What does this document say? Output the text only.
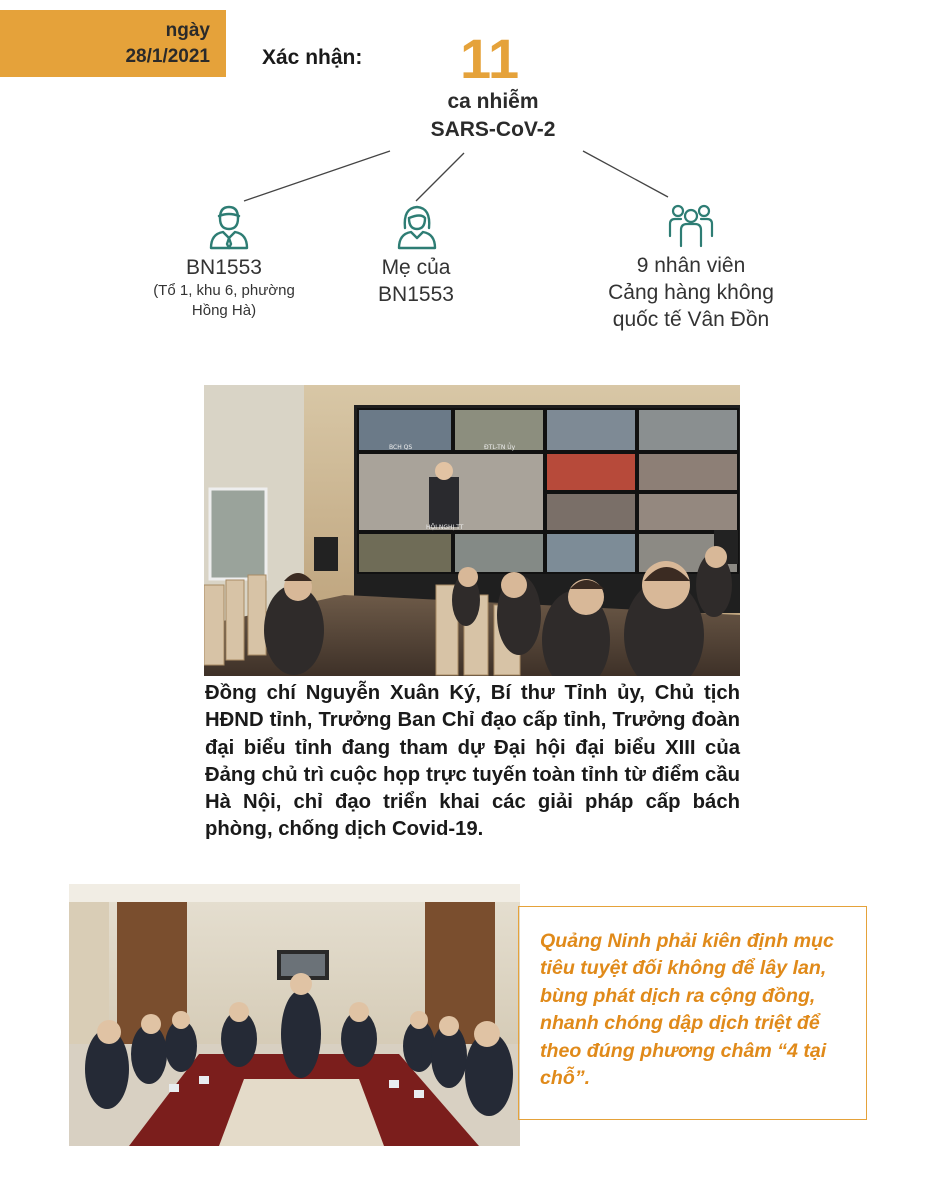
ngày
28/1/2021 Xác nhận: 11
ca nhiễm
SARS-CoV-2
BN1553
(Tổ 1, khu 6, phường
Hồng Hà)
Mẹ của
BN1553
9 nhân viên
Cảng hàng không
quốc tế Vân Đồn
BCH QS	ĐTL-TN Ủy
HỘI NGHỊ TT
Đồng chí Nguyễn Xuân Ký, Bí thư Tỉnh ủy, Chủ tịch HĐND tỉnh, Trưởng Ban Chỉ đạo cấp tỉnh, Trưởng đoàn đại biểu tỉnh đang tham dự Đại hội đại biểu XIII của Đảng chủ trì cuộc họp trực tuyến toàn tỉnh từ điểm cầu Hà Nội, chỉ đạo triển khai các giải pháp cấp bách phòng, chống dịch Covid-19.
Quảng Ninh phải kiên định mục tiêu tuyệt đối không để lây lan, bùng phát dịch ra cộng đồng, nhanh chóng dập dịch triệt để theo đúng phương châm “4 tại chỗ”.
